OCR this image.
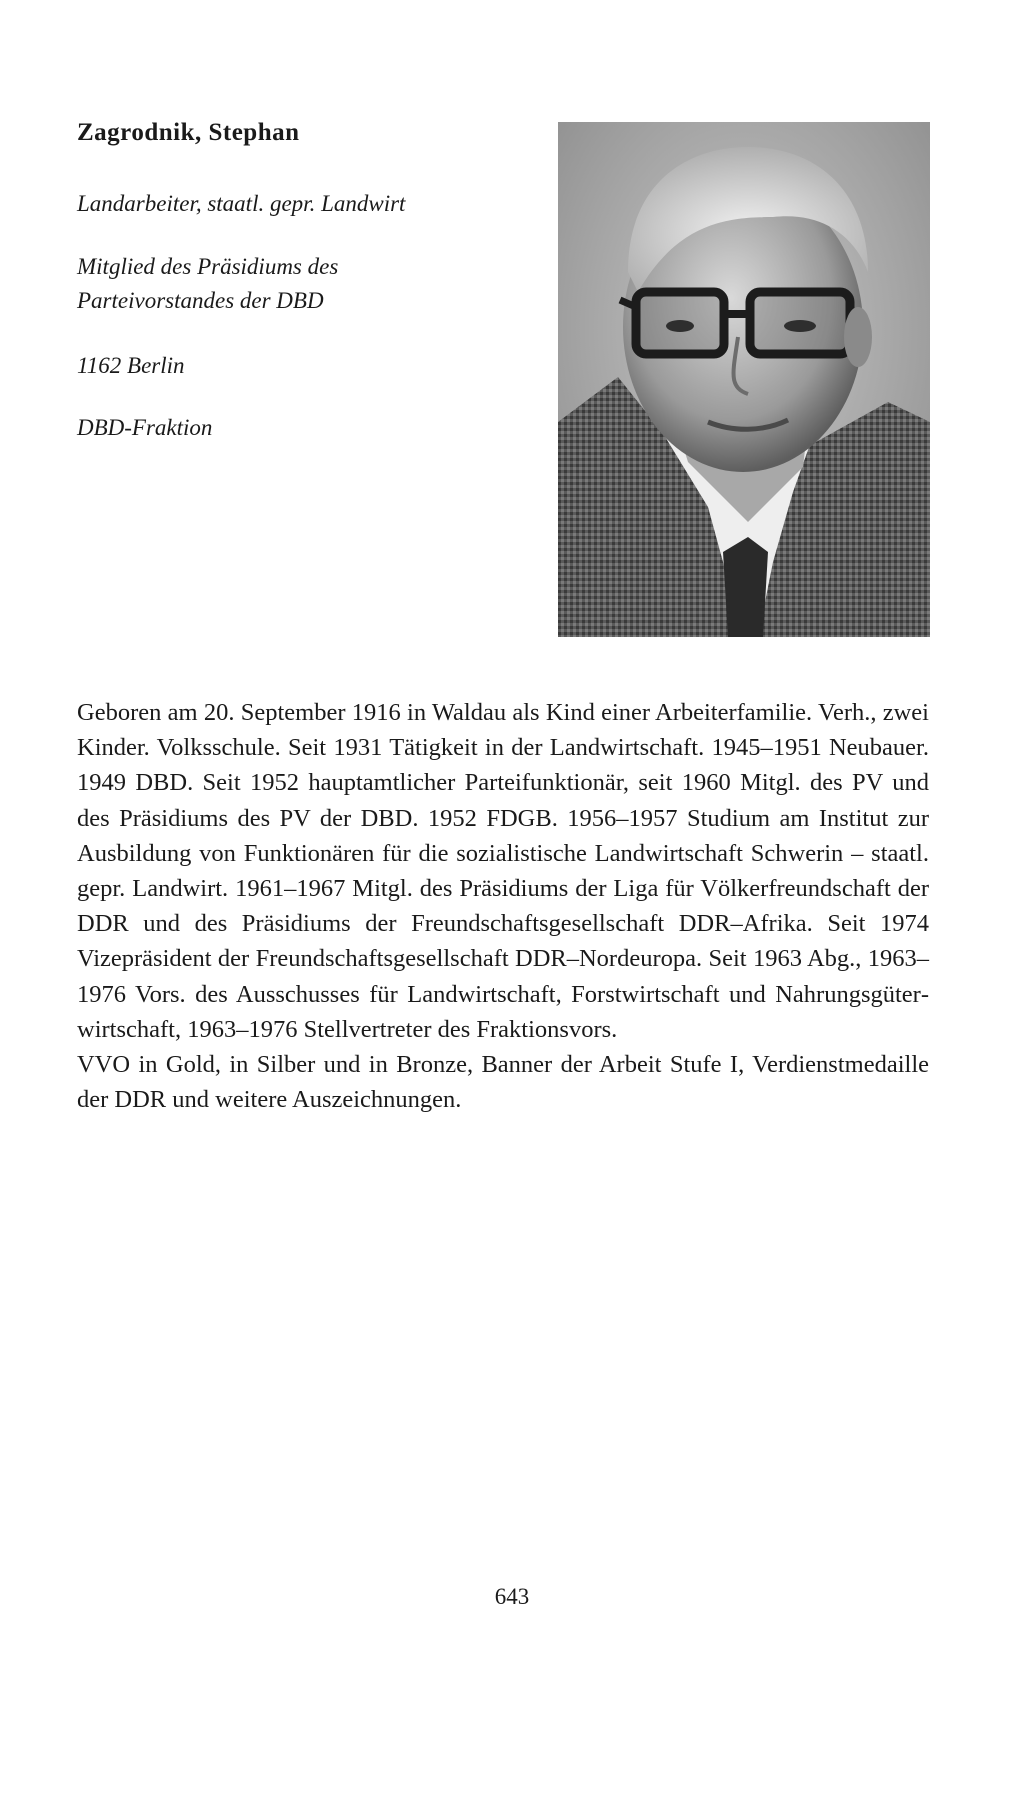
Zagrodnik, Stephan
Landarbeiter, staatl. gepr. Landwirt
Mitglied des Präsidiums des Parteivorstandes der DBD
1162 Berlin
DBD-Fraktion

Geboren am 20. September 1916 in Waldau als Kind einer Arbeiterfamilie. Verh., zwei Kinder. Volksschule. Seit 1931 Tätigkeit in der Landwirtschaft. 1945–1951 Neubauer. 1949 DBD. Seit 1952 hauptamtlicher Parteifunktionär, seit 1960 Mitgl. des PV und des Präsidiums des PV der DBD. 1952 FDGB. 1956–1957 Studium am Institut zur Ausbildung von Funktionären für die sozialistische Landwirtschaft Schwerin – staatl. gepr. Landwirt. 1961–1967 Mitgl. des Präsidiums der Liga für Völkerfreundschaft der DDR und des Präsidiums der Freundschaftsgesellschaft DDR–Afrika. Seit 1974 Vizepräsident der Freundschaftsgesellschaft DDR–Nordeuropa. Seit 1963 Abg., 1963–1976 Vors. des Ausschusses für Landwirtschaft, Forstwirtschaft und Nahrungsgüterwirtschaft, 1963–1976 Stellvertreter des Fraktionsvors.

VVO in Gold, in Silber und in Bronze, Banner der Arbeit Stufe I, Verdienstmedaille der DDR und weitere Auszeichnungen.

643
